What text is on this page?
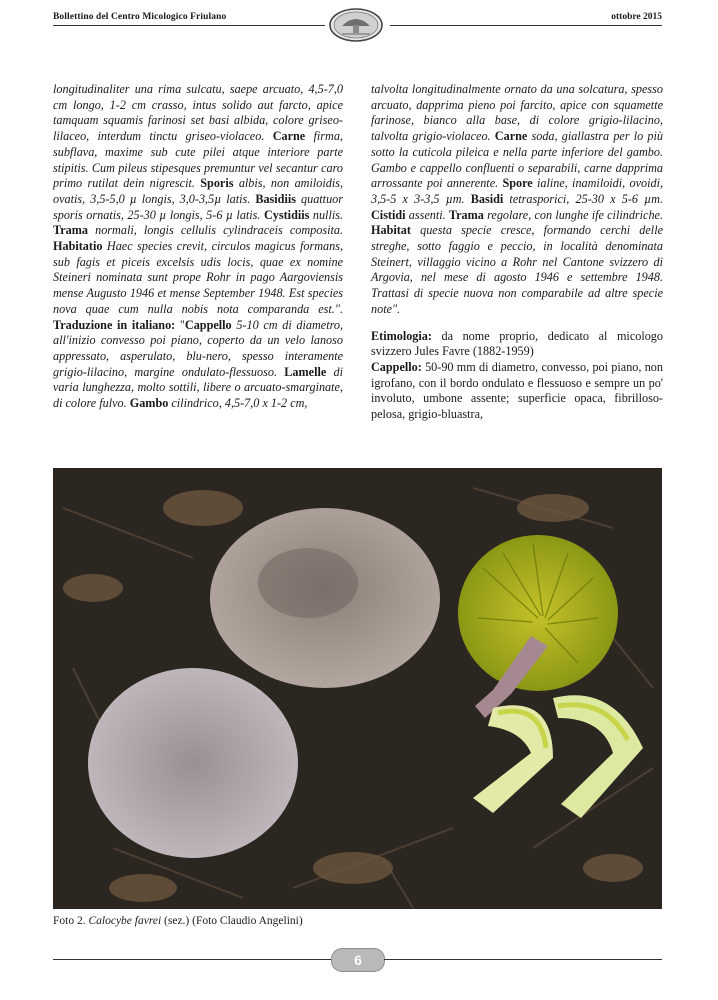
Bollettino del Centro Micologico Friulano	ottobre 2015

longitudinaliter una rima sulcatu, saepe arcuato, 4,5-7,0 cm longo, 1-2 cm crasso, intus solido aut farcto, apice tamquam squamis farinosi set basi albida, colore griseo-lilaceo, interdum tinctu griseo-violaceo. Carne firma, subflava, maxime sub cute pilei atque interiore parte stipitis. Cum pileus stipesques premuntur vel secantur caro primo rutilat dein nigrescit. Sporis albis, non amiloidis, ovatis, 3,5-5,0 µ longis, 3,0-3,5µ latis. Basidiis quattuor sporis ornatis, 25-30 µ longis, 5-6 µ latis. Cystidiis nullis. Trama normali, longis cellulis cylindraceis composita. Habitatio Haec species crevit, circulos magicus formans, sub fagis et piceis excelsis udis locis, quae ex nomine Steineri nominata sunt prope Rohr in pago Aargoviensis mense Augusto 1946 et mense September 1948. Est species nova quae cum nulla nobis nota comparanda est.". Traduzione in italiano: "Cappello 5-10 cm di diametro, all'inizio convesso poi piano, coperto da un velo lanoso appressato, asperulato, blu-nero, spesso interamente grigio-lilacino, margine ondulato-flessuoso. Lamelle di varia lunghezza, molto sottili, libere o arcuato-smarginate, di colore fulvo. Gambo cilindrico, 4,5-7,0 x 1-2 cm,

talvolta longitudinalmente ornato da una solcatura, spesso arcuato, dapprima pieno poi farcito, apice con squamette farinose, bianco alla base, di colore grigio-lilacino, talvolta grigio-violaceo. Carne soda, giallastra per lo più sotto la cuticola pileica e nella parte inferiore del gambo. Gambo e cappello confluenti o separabili, carne dapprima arrossante poi annerente. Spore ialine, inamiloidi, ovoidi, 3,5-5 x 3-3,5 µm. Basidi tetrasporici, 25-30 x 5-6 µm. Cistidi assenti. Trama regolare, con lunghe ife cilindriche. Habitat questa specie cresce, formando cerchi delle streghe, sotto faggio e peccio, in località denominata Steinert, villaggio vicino a Rohr nel Cantone svizzero di Argovia, nel mese di agosto 1946 e settembre 1948. Trattasi di specie nuova non comparabile ad altre specie note".

Etimologia: da nome proprio, dedicato al micologo svizzero Jules Favre (1882-1959)

Cappello: 50-90 mm di diametro, convesso, poi piano, non igrofano, con il bordo ondulato e flessuoso e sempre un po' involuto, umbone assente; superficie opaca, fibrilloso-pelosa, grigio-bluastra,

Foto 2. Calocybe favrei (sez.) (Foto Claudio Angelini)
6
